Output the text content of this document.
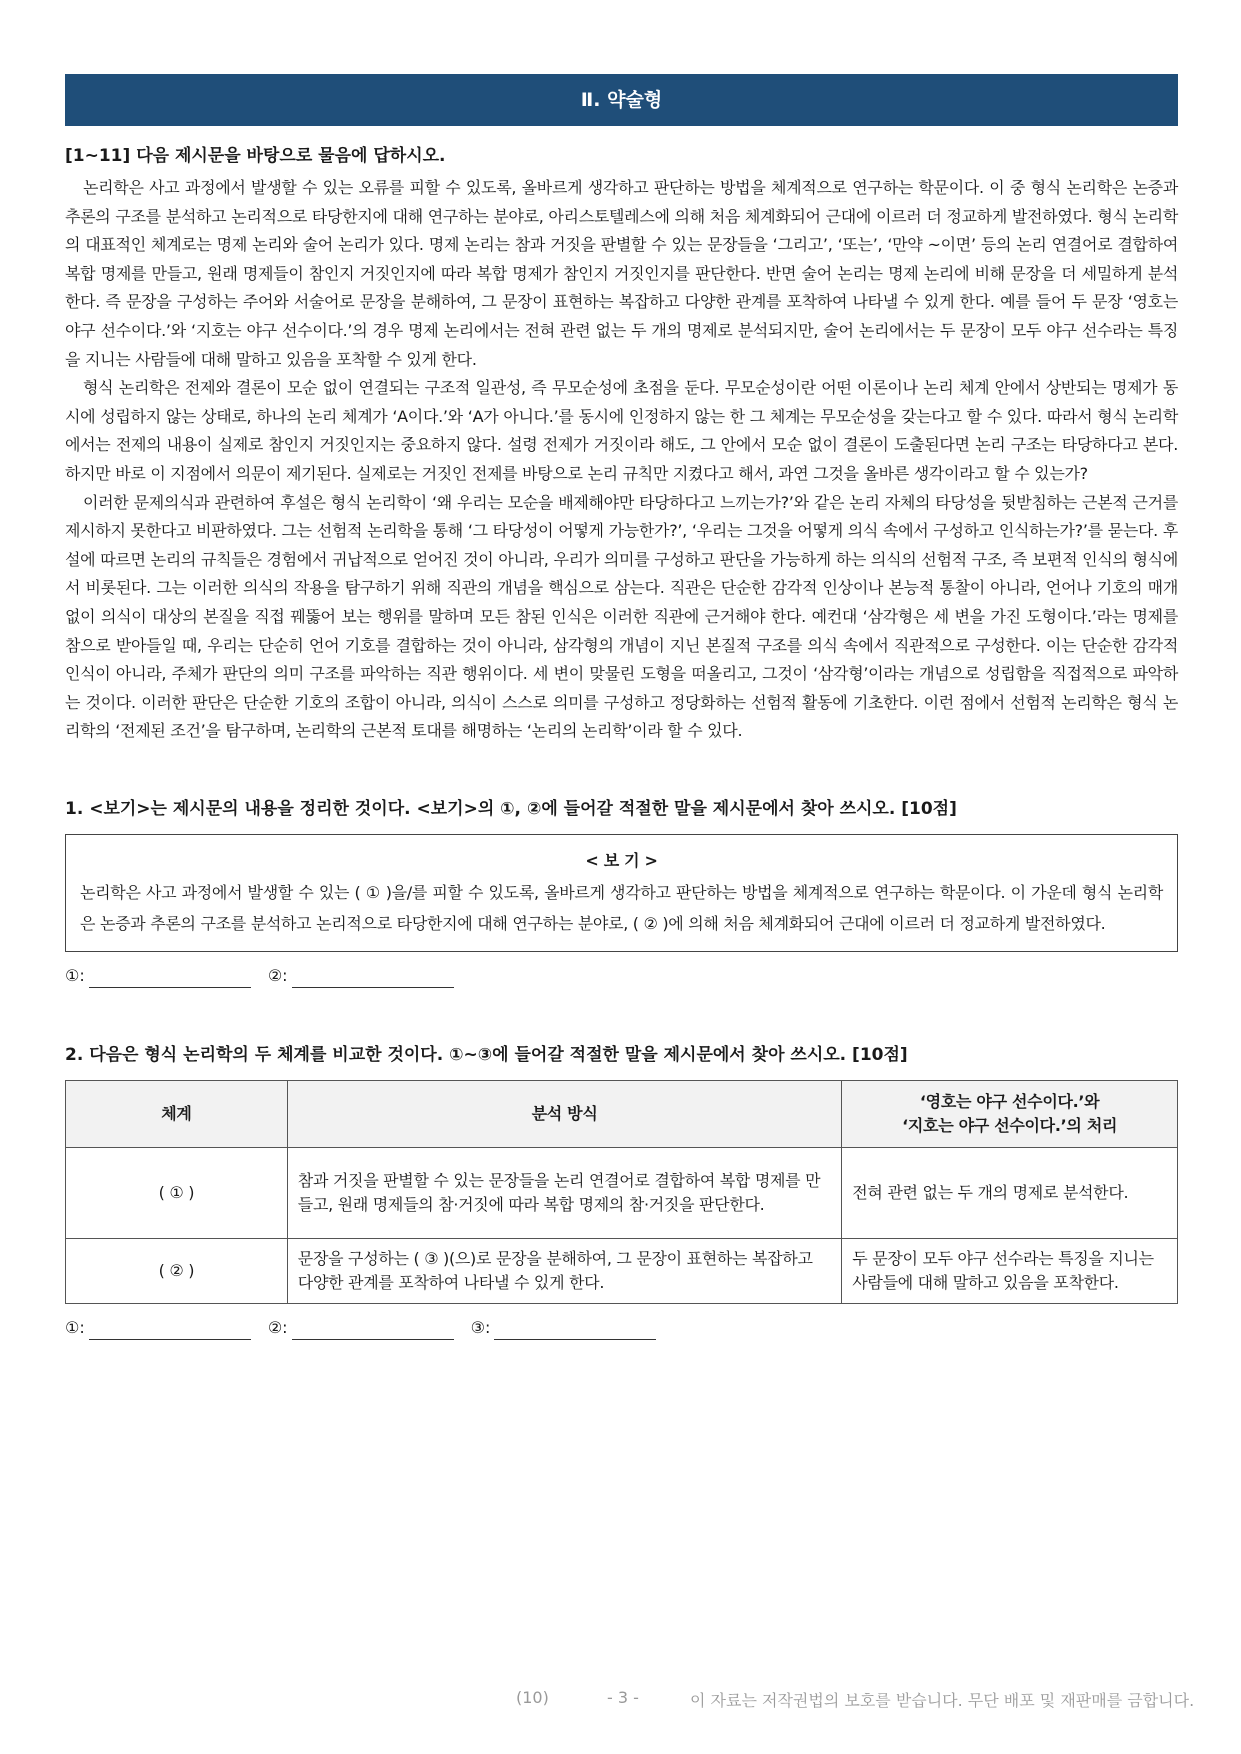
Ⅱ. 약술형
[1~11] 다음 제시문을 바탕으로 물음에 답하시오.

논리학은 사고 과정에서 발생할 수 있는 오류를 피할 수 있도록, 올바르게 생각하고 판단하는 방법을 체계적으로 연구하는 학문이다. 이 중 형식 논리학은 논증과 추론의 구조를 분석하고 논리적으로 타당한지에 대해 연구하는 분야로, 아리스토텔레스에 의해 처음 체계화되어 근대에 이르러 더 정교하게 발전하였다. 형식 논리학의 대표적인 체계로는 명제 논리와 술어 논리가 있다. 명제 논리는 참과 거짓을 판별할 수 있는 문장들을 ‘그리고’, ‘또는’, ‘만약 ~이면’ 등의 논리 연결어로 결합하여 복합 명제를 만들고, 원래 명제들이 참인지 거짓인지에 따라 복합 명제가 참인지 거짓인지를 판단한다. 반면 술어 논리는 명제 논리에 비해 문장을 더 세밀하게 분석한다. 즉 문장을 구성하는 주어와 서술어로 문장을 분해하여, 그 문장이 표현하는 복잡하고 다양한 관계를 포착하여 나타낼 수 있게 한다. 예를 들어 두 문장 ‘영호는 야구 선수이다.’와 ‘지호는 야구 선수이다.’의 경우 명제 논리에서는 전혀 관련 없는 두 개의 명제로 분석되지만, 술어 논리에서는 두 문장이 모두 야구 선수라는 특징을 지니는 사람들에 대해 말하고 있음을 포착할 수 있게 한다.

형식 논리학은 전제와 결론이 모순 없이 연결되는 구조적 일관성, 즉 무모순성에 초점을 둔다. 무모순성이란 어떤 이론이나 논리 체계 안에서 상반되는 명제가 동시에 성립하지 않는 상태로, 하나의 논리 체계가 ‘A이다.’와 ‘A가 아니다.’를 동시에 인정하지 않는 한 그 체계는 무모순성을 갖는다고 할 수 있다. 따라서 형식 논리학에서는 전제의 내용이 실제로 참인지 거짓인지는 중요하지 않다. 설령 전제가 거짓이라 해도, 그 안에서 모순 없이 결론이 도출된다면 논리 구조는 타당하다고 본다. 하지만 바로 이 지점에서 의문이 제기된다. 실제로는 거짓인 전제를 바탕으로 논리 규칙만 지켰다고 해서, 과연 그것을 올바른 생각이라고 할 수 있는가?

이러한 문제의식과 관련하여 후설은 형식 논리학이 ‘왜 우리는 모순을 배제해야만 타당하다고 느끼는가?’와 같은 논리 자체의 타당성을 뒷받침하는 근본적 근거를 제시하지 못한다고 비판하였다. 그는 선험적 논리학을 통해 ‘그 타당성이 어떻게 가능한가?’, ‘우리는 그것을 어떻게 의식 속에서 구성하고 인식하는가?’를 묻는다. 후설에 따르면 논리의 규칙들은 경험에서 귀납적으로 얻어진 것이 아니라, 우리가 의미를 구성하고 판단을 가능하게 하는 의식의 선험적 구조, 즉 보편적 인식의 형식에서 비롯된다. 그는 이러한 의식의 작용을 탐구하기 위해 직관의 개념을 핵심으로 삼는다. 직관은 단순한 감각적 인상이나 본능적 통찰이 아니라, 언어나 기호의 매개 없이 의식이 대상의 본질을 직접 꿰뚫어 보는 행위를 말하며 모든 참된 인식은 이러한 직관에 근거해야 한다. 예컨대 ‘삼각형은 세 변을 가진 도형이다.’라는 명제를 참으로 받아들일 때, 우리는 단순히 언어 기호를 결합하는 것이 아니라, 삼각형의 개념이 지닌 본질적 구조를 의식 속에서 직관적으로 구성한다. 이는 단순한 감각적 인식이 아니라, 주체가 판단의 의미 구조를 파악하는 직관 행위이다. 세 변이 맞물린 도형을 떠올리고, 그것이 ‘삼각형’이라는 개념으로 성립함을 직접적으로 파악하는 것이다. 이러한 판단은 단순한 기호의 조합이 아니라, 의식이 스스로 의미를 구성하고 정당화하는 선험적 활동에 기초한다. 이런 점에서 선험적 논리학은 형식 논리학의 ‘전제된 조건’을 탐구하며, 논리학의 근본적 토대를 해명하는 ‘논리의 논리학’이라 할 수 있다.

1. <보기>는 제시문의 내용을 정리한 것이다. <보기>의 ①, ②에 들어갈 적절한 말을 제시문에서 찾아 쓰시오. [10점]
< 보 기 >
논리학은 사고 과정에서 발생할 수 있는 ( ① )을/를 피할 수 있도록, 올바르게 생각하고 판단하는 방법을 체계적으로 연구하는 학문이다. 이 가운데 형식 논리학은 논증과 추론의 구조를 분석하고 논리적으로 타당한지에 대해 연구하는 분야로, ( ② )에 의해 처음 체계화되어 근대에 이르러 더 정교하게 발전하였다.
①:	②:
2. 다음은 형식 논리학의 두 체계를 비교한 것이다. ①~③에 들어갈 적절한 말을 제시문에서 찾아 쓰시오. [10점]
체계	분석 방식	‘영호는 야구 선수이다.’와
‘지호는 야구 선수이다.’의 처리

( ① )	참과 거짓을 판별할 수 있는 문장들을 논리 연결어로 결합하여 복합 명제를 만들고, 원래 명제들의 참·거짓에 따라 복합 명제의 참·거짓을 판단한다.	전혀 관련 없는 두 개의 명제로 분석한다.
( ② )	문장을 구성하는 ( ③ )(으)로 문장을 분해하여, 그 문장이 표현하는 복잡하고 다양한 관계를 포착하여 나타낼 수 있게 한다.	두 문장이 모두 야구 선수라는 특징을 지니는 사람들에 대해 말하고 있음을 포착한다.
①:	②:	③:
(10)	- 3 -	이 자료는 저작권법의 보호를 받습니다. 무단 배포 및 재판매를 금합니다.
